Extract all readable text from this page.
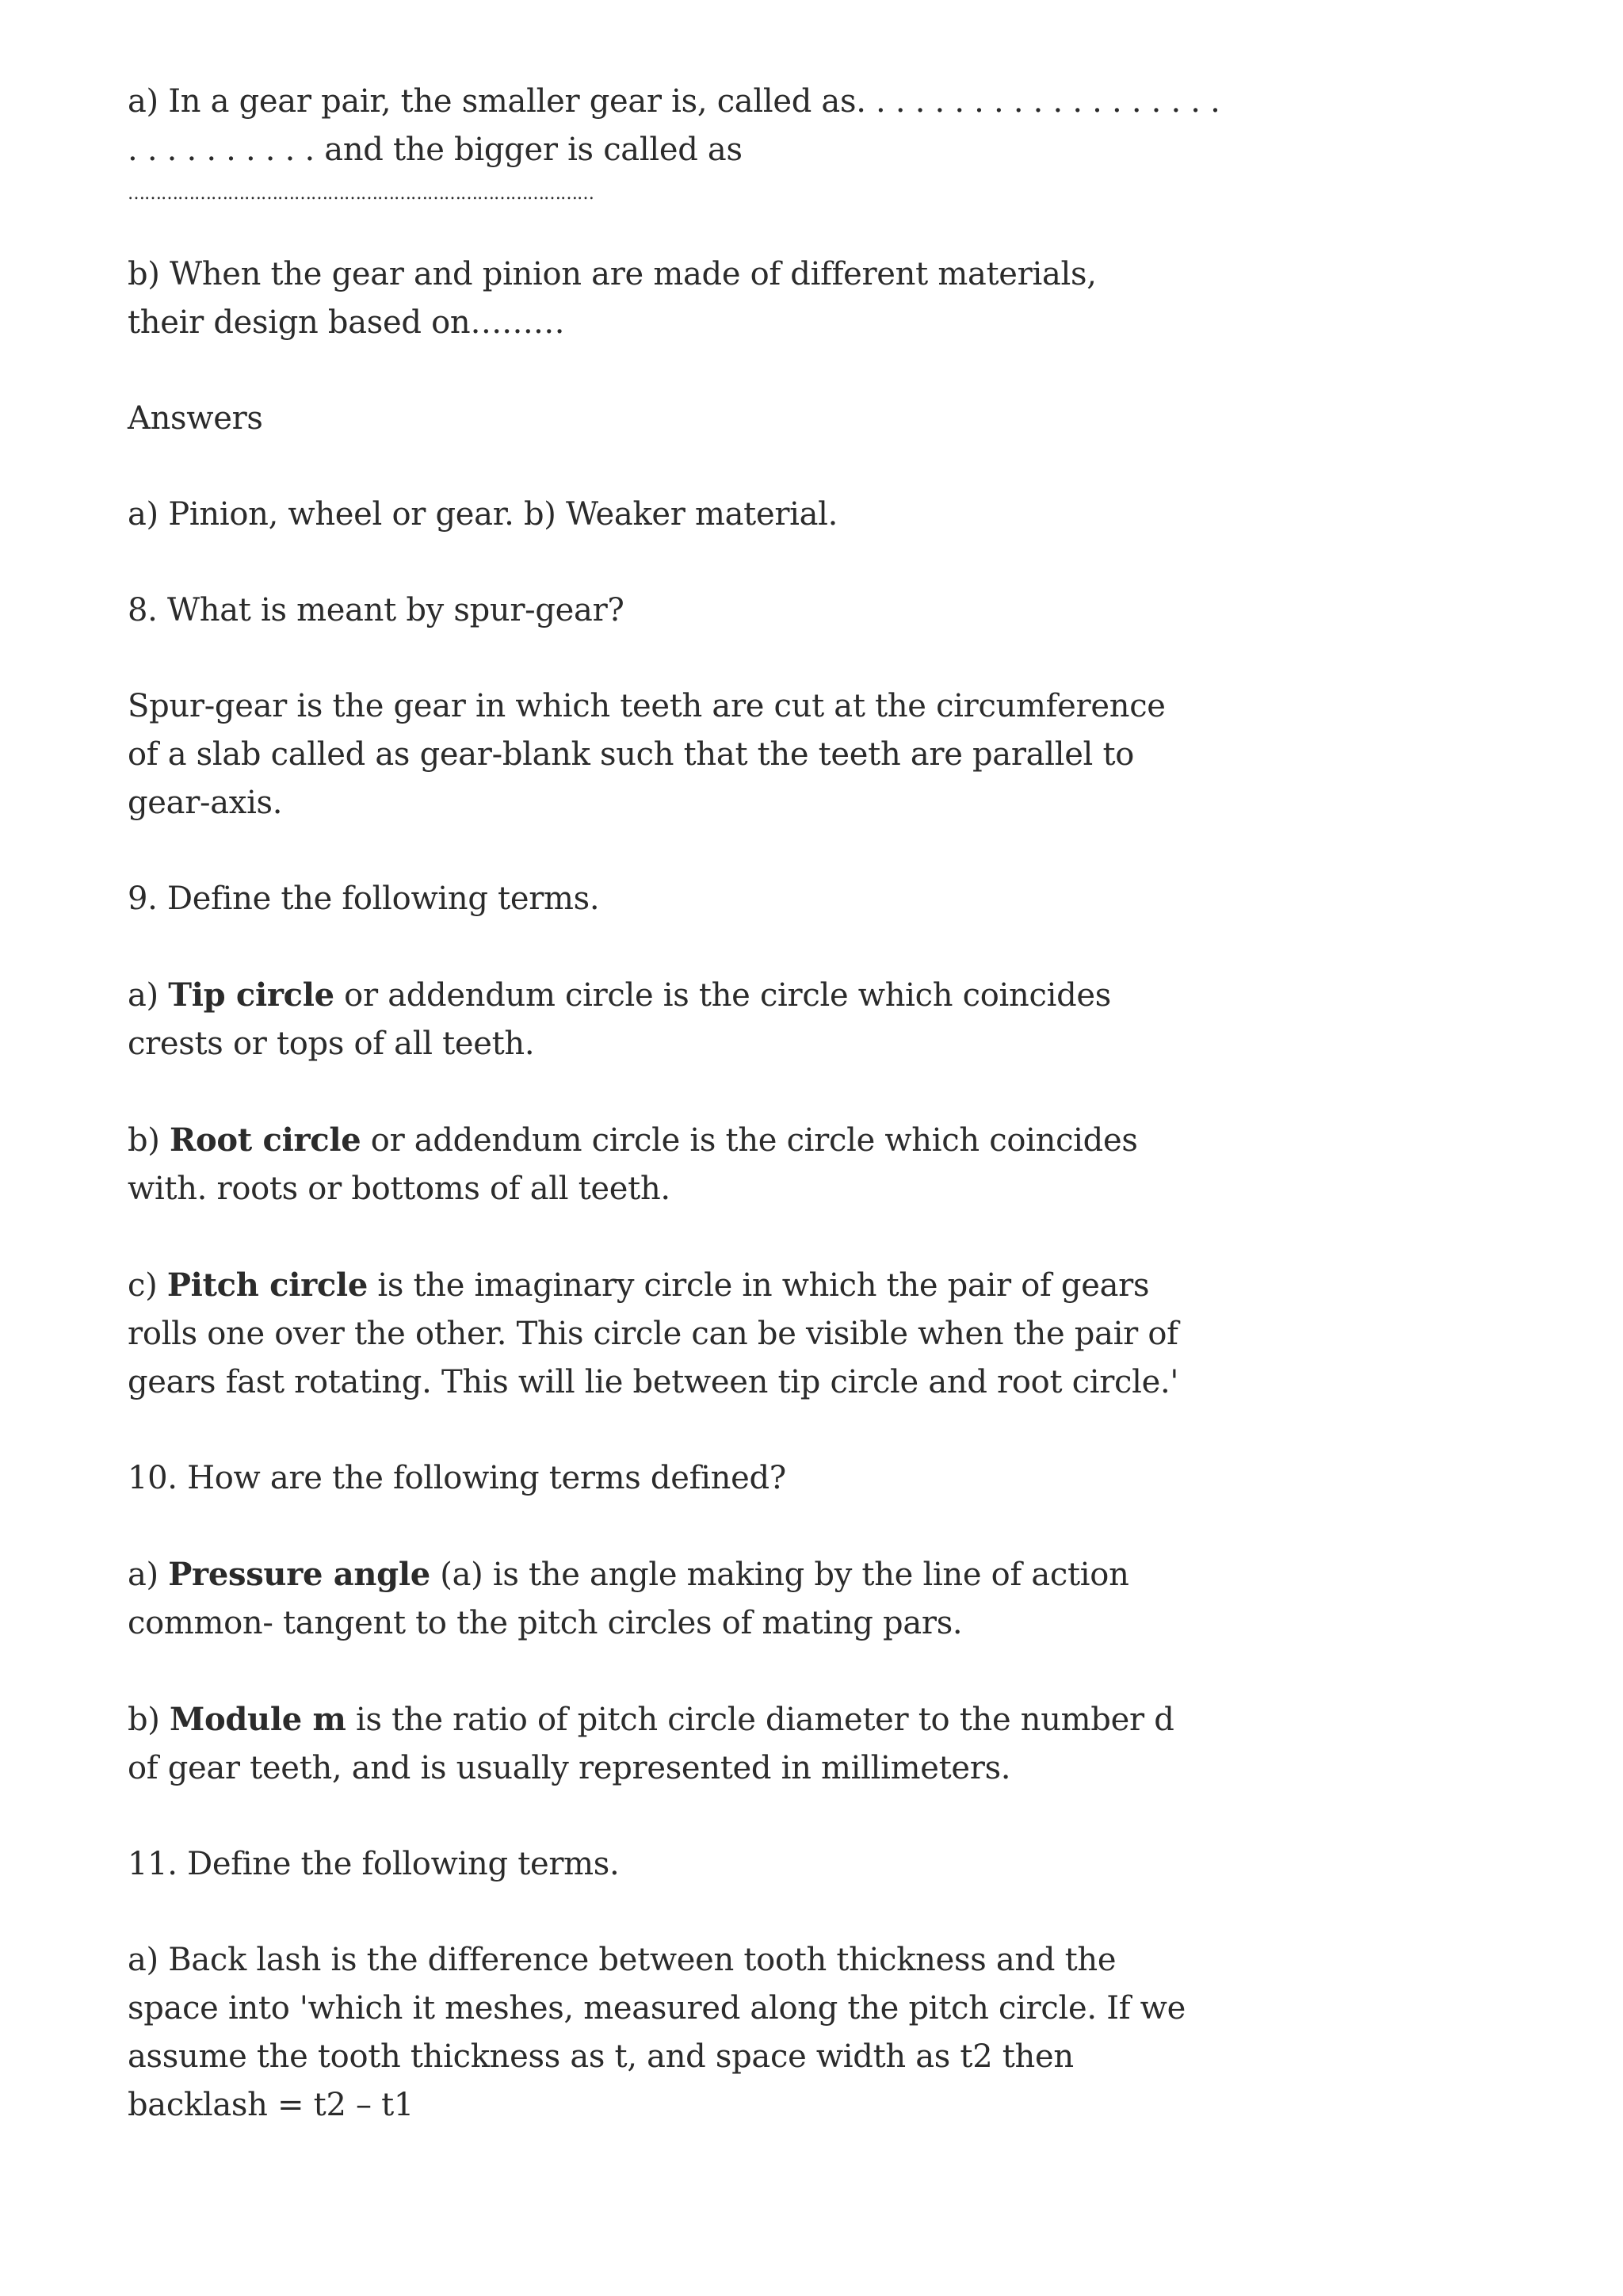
a) In a gear pair, the smaller gear is, called as. . . . . . . . . . . . . . . . . . .
. . . . . . . . . . and the bigger is called as
…………………………………………………………………………
b) When the gear and pinion are made of different materials,
their design based on………
Answers
a) Pinion, wheel or gear. b) Weaker material.
8. What is meant by spur-gear?
Spur-gear is the gear in which teeth are cut at the circumference
of a slab called as gear-blank such that the teeth are parallel to
gear-axis.
9. Define the following terms.
a) Tip circle or addendum circle is the circle which coincides
crests or tops of all teeth.
b) Root circle or addendum circle is the circle which coincides
with. roots or bottoms of all teeth.
c) Pitch circle is the imaginary circle in which the pair of gears
rolls one over the other. This circle can be visible when the pair of
gears fast rotating. This will lie between tip circle and root circle.'
10. How are the following terms defined?
a) Pressure angle (a) is the angle making by the line of action
common- tangent to the pitch circles of mating pars.
b) Module m is the ratio of pitch circle diameter to the number d
of gear teeth, and is usually represented in millimeters.
11. Define the following terms.
a) Back lash is the difference between tooth thickness and the
space into 'which it meshes, measured along the pitch circle. If we
assume the tooth thickness as t, and space width as t2 then
backlash = t2 – t1
